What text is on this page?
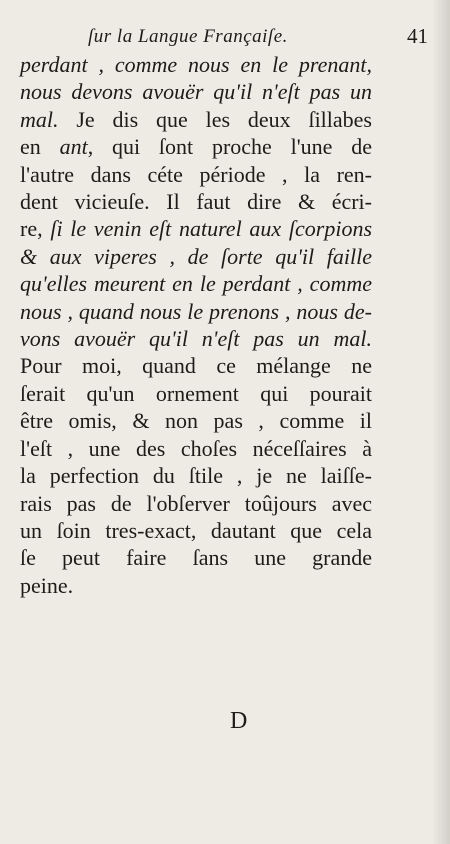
ſur la Langue Françaiſe.	41
perdant , comme nous en le prenant,
nous devons avouër qu'il n'eſt pas un
mal. Je dis que les deux ſillabes
en ant, qui ſont proche l'une de
l'autre dans céte période , la ren-
dent vicieuſe. Il faut dire & écri-
re, ſi le venin eſt naturel aux ſcorpions
& aux viperes , de ſorte qu'il faille
qu'elles meurent en le perdant , comme
nous , quand nous le prenons , nous de-
vons avouër qu'il n'eſt pas un mal.
Pour moi, quand ce mélange ne
ſerait qu'un ornement qui pourait
être omis, & non pas , comme il
l'eſt , une des choſes néceſſaires à
la perfection du ſtile , je ne laiſſe-
rais pas de l'obſerver toûjours avec
un ſoin tres-exact, dautant que cela
ſe peut faire ſans une grande
peine.
D
